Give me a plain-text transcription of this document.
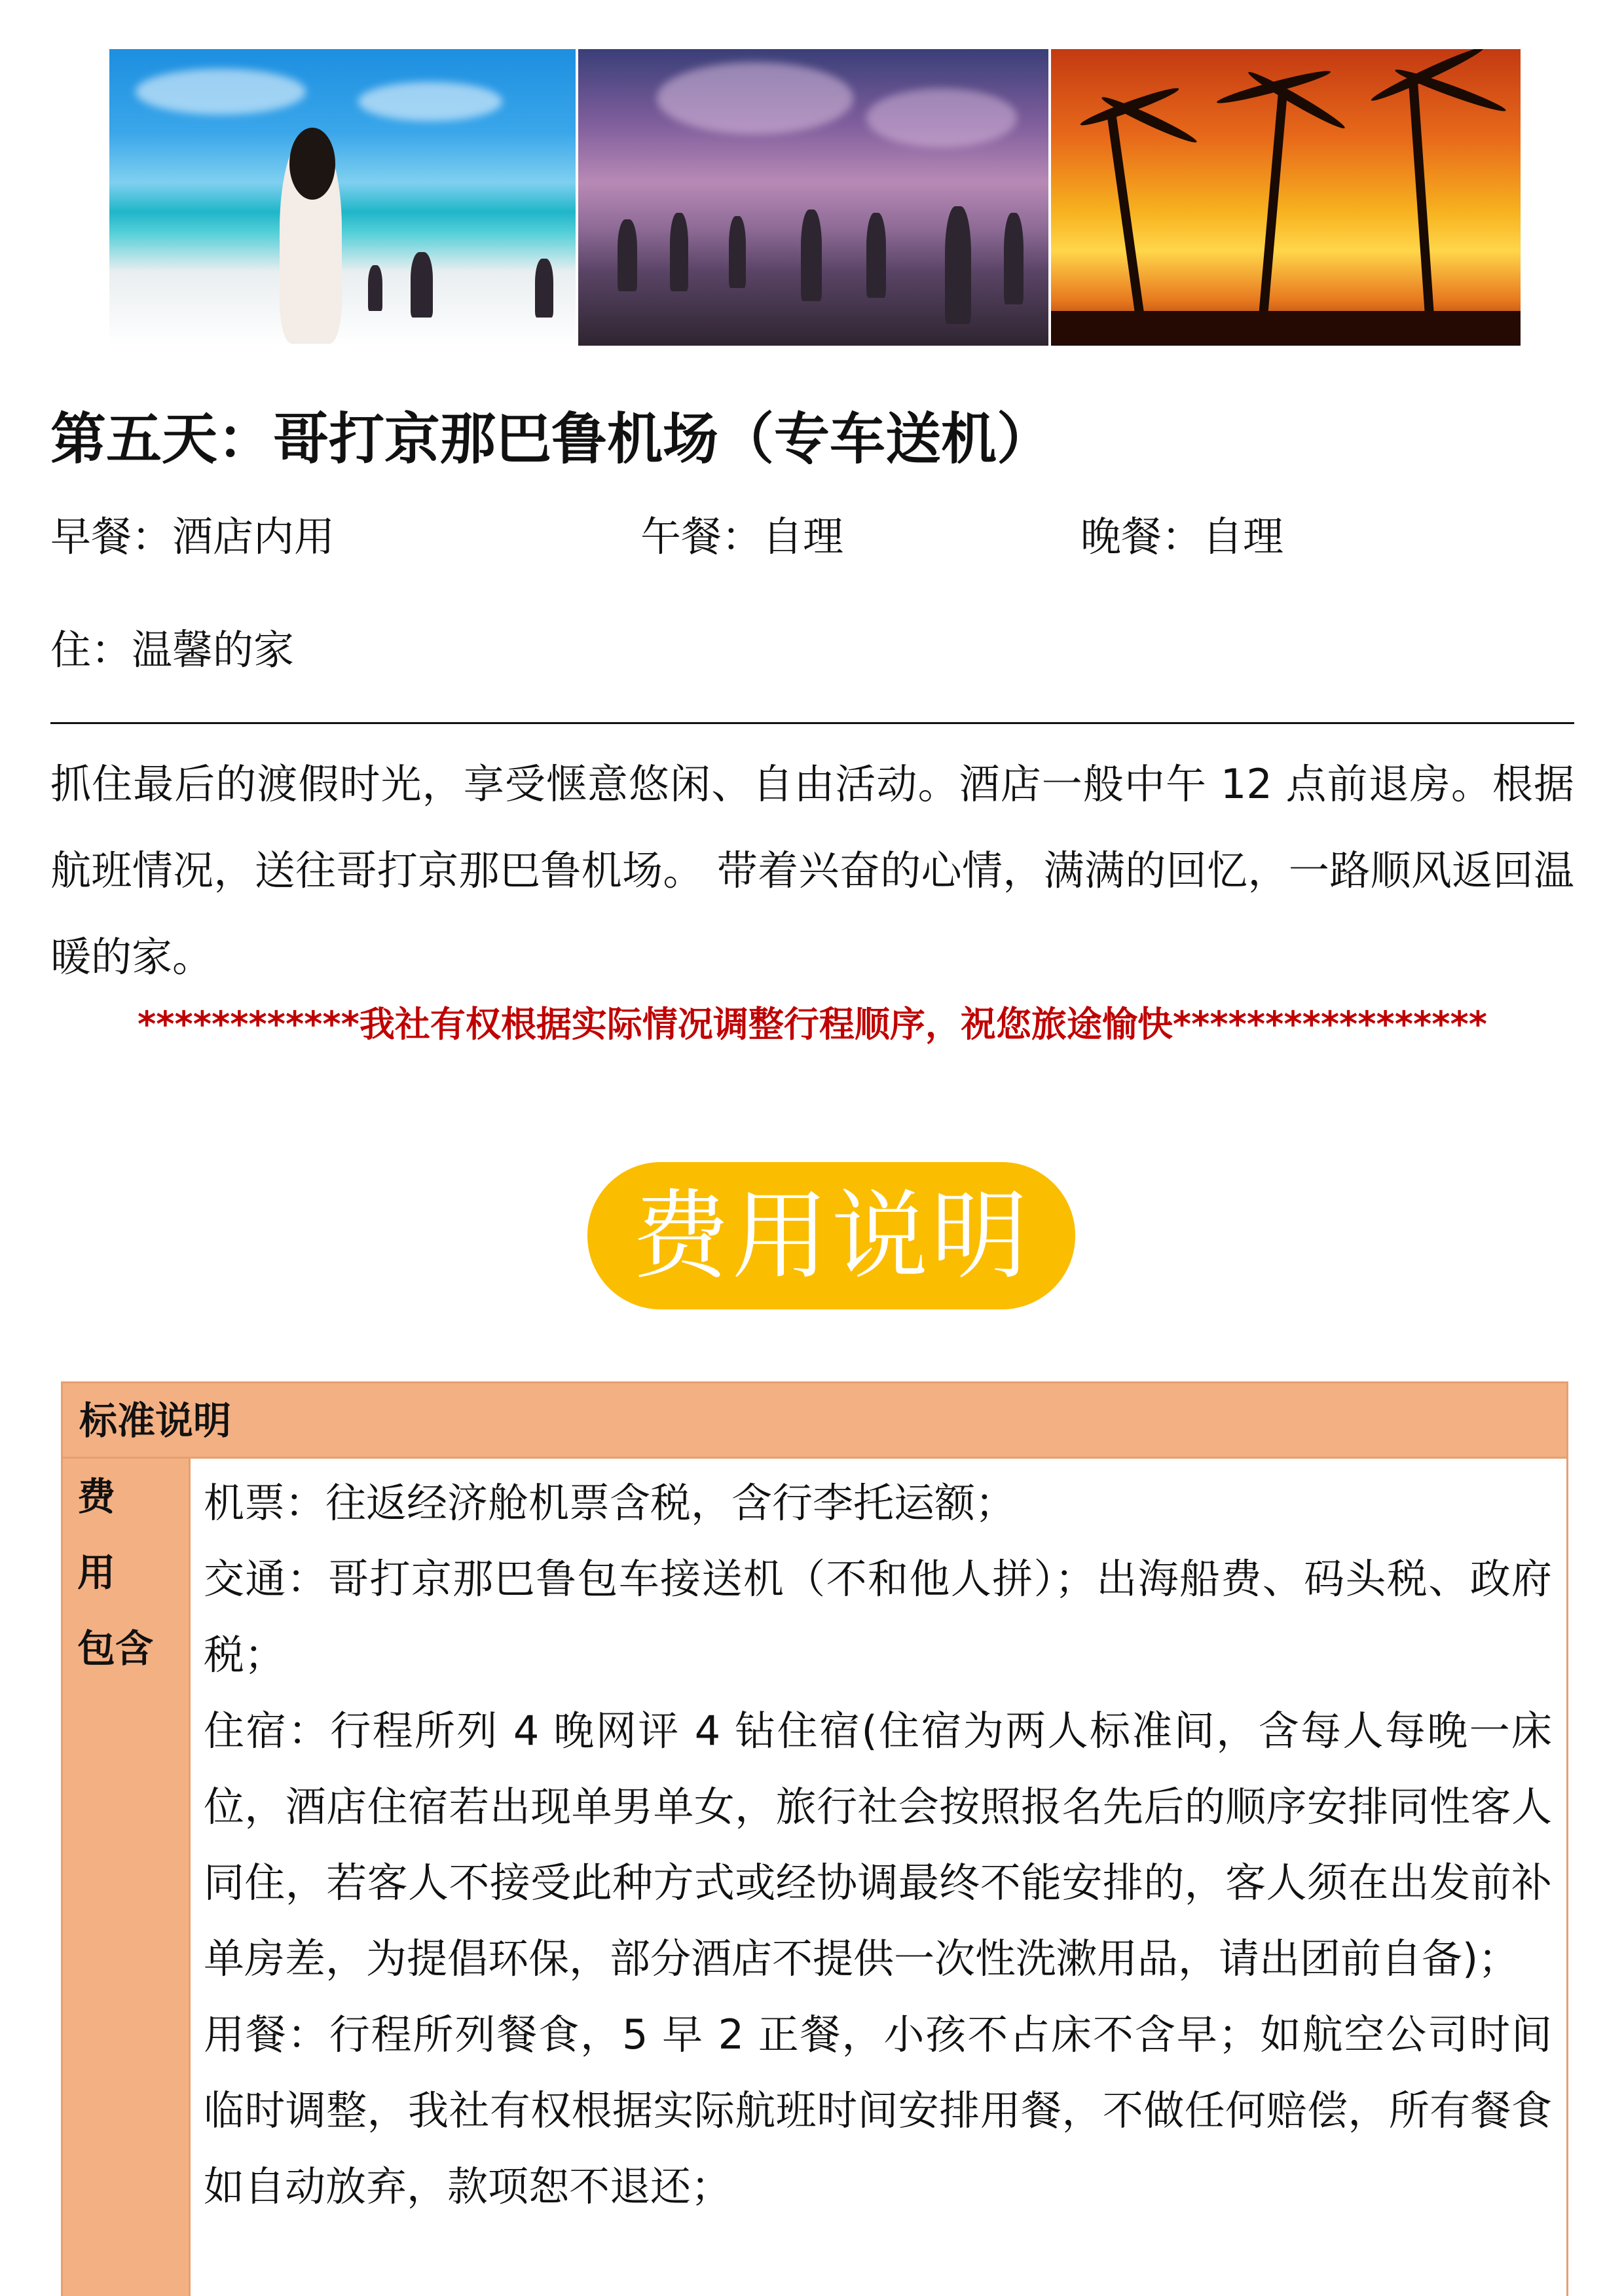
第五天：哥打京那巴鲁机场（专车送机）
早餐：酒店内用	午餐：自理	晚餐：自理
住：温馨的家

抓住最后的渡假时光，享受惬意悠闲、自由活动。酒店一般中午 12 点前退房。根据航班情况，送往哥打京那巴鲁机场。 带着兴奋的心情，满满的回忆，一路顺风返回温暖的家。

************我社有权根据实际情况调整行程顺序，祝您旅途愉快*****************
费用说明
标准说明
费用
包含

机票：往返经济舱机票含税，含行李托运额；

交通：哥打京那巴鲁包车接送机（不和他人拼）；出海船费、码头税、政府税；

住宿：行程所列 4 晚网评 4 钻住宿(住宿为两人标准间，含每人每晚一床位，酒店住宿若出现单男单女，旅行社会按照报名先后的顺序安排同性客人同住，若客人不接受此种方式或经协调最终不能安排的，客人须在出发前补单房差，为提倡环保，部分酒店不提供一次性洗漱用品，请出团前自备)；

用餐：行程所列餐食，5 早 2 正餐，小孩不占床不含早；如航空公司时间临时调整，我社有权根据实际航班时间安排用餐，不做任何赔偿，所有餐食如自动放弃，款项恕不退还；
